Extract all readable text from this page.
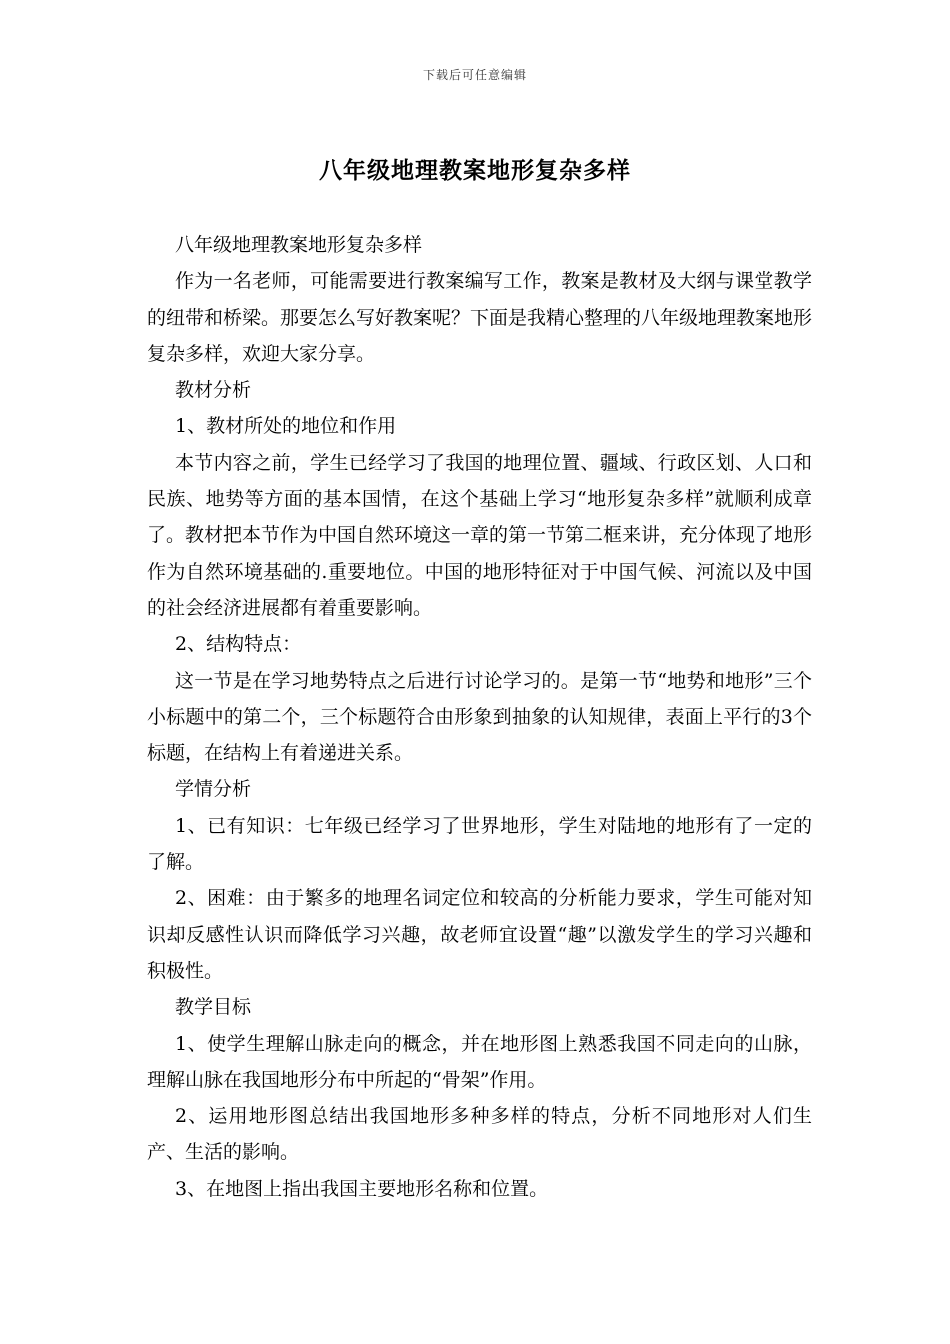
下载后可任意编辑
八年级地理教案地形复杂多样

八年级地理教案地形复杂多样

作为一名老师，可能需要进行教案编写工作，教案是教材及大纲与课堂教学的纽带和桥梁。那要怎么写好教案呢？下面是我精心整理的八年级地理教案地形复杂多样，欢迎大家分享。

教材分析

1、教材所处的地位和作用

本节内容之前，学生已经学习了我国的地理位置、疆域、行政区划、人口和民族、地势等方面的基本国情，在这个基础上学习“地形复杂多样”就顺利成章了。教材把本节作为中国自然环境这一章的第一节第二框来讲，充分体现了地形作为自然环境基础的.重要地位。中国的地形特征对于中国气候、河流以及中国的社会经济进展都有着重要影响。

2、结构特点：

这一节是在学习地势特点之后进行讨论学习的。是第一节“地势和地形”三个小标题中的第二个，三个标题符合由形象到抽象的认知规律，表面上平行的3个标题，在结构上有着递进关系。

学情分析

1、已有知识：七年级已经学习了世界地形，学生对陆地的地形有了一定的了解。

2、困难：由于繁多的地理名词定位和较高的分析能力要求，学生可能对知识却反感性认识而降低学习兴趣，故老师宜设置“趣”以激发学生的学习兴趣和积极性。

教学目标

1、使学生理解山脉走向的概念，并在地形图上熟悉我国不同走向的山脉，理解山脉在我国地形分布中所起的“骨架”作用。

2、运用地形图总结出我国地形多种多样的特点，分析不同地形对人们生产、生活的影响。

3、在地图上指出我国主要地形名称和位置。
